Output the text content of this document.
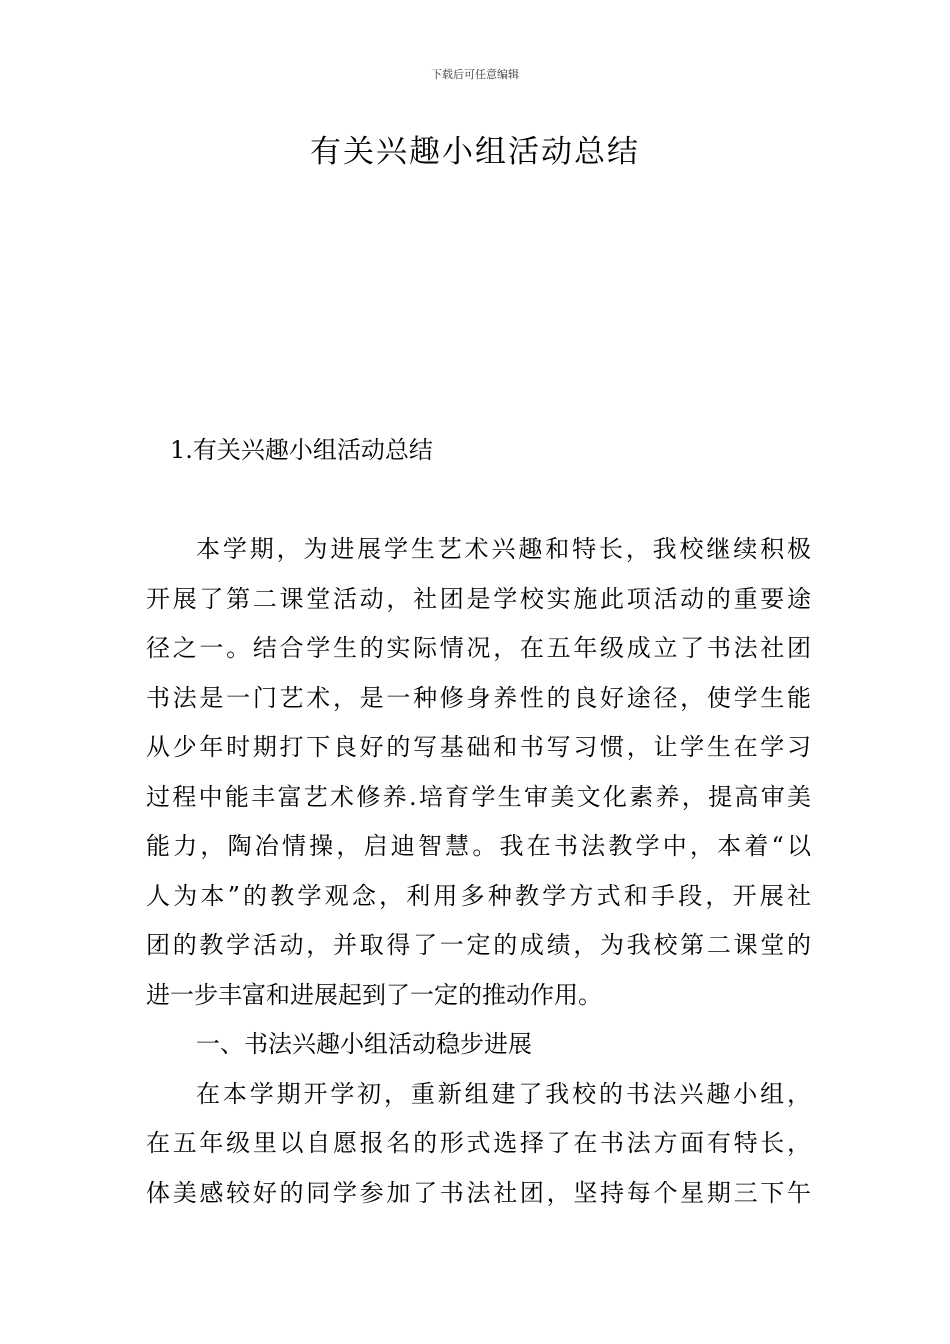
下载后可任意编辑
有关兴趣小组活动总结
1.有关兴趣小组活动总结
本学期，为进展学生艺术兴趣和特长，我校继续积极
开展了第二课堂活动，社团是学校实施此项活动的重要途
径之一。结合学生的实际情况，在五年级成立了书法社团
书法是一门艺术，是一种修身养性的良好途径，使学生能
从少年时期打下良好的写基础和书写习惯，让学生在学习
过程中能丰富艺术修养.培育学生审美文化素养，提高审美
能力，陶冶情操，启迪智慧。我在书法教学中，本着“以
人为本”的教学观念，利用多种教学方式和手段，开展社
团的教学活动，并取得了一定的成绩，为我校第二课堂的
进一步丰富和进展起到了一定的推动作用。
一、书法兴趣小组活动稳步进展
在本学期开学初，重新组建了我校的书法兴趣小组，
在五年级里以自愿报名的形式选择了在书法方面有特长，
体美感较好的同学参加了书法社团，坚持每个星期三下午
